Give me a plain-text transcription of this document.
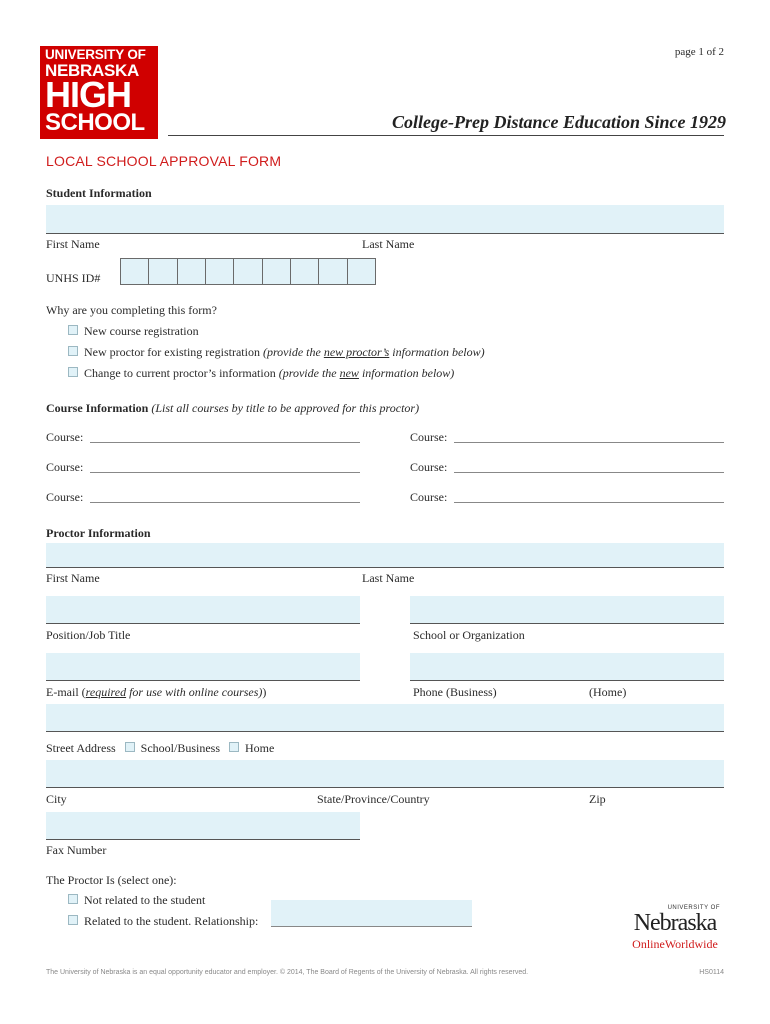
UNIVERSITY OF
NEBRASKA
HIGH
SCHOOL
page 1 of 2
College-Prep Distance Education Since 1929
LOCAL SCHOOL APPROVAL FORM
Student Information
First Name	Last Name
UNHS ID#
Why are you completing this form?
New course registration
New proctor for existing registration (provide the new proctor’s information below)
Change to current proctor’s information (provide the new information below)
Course Information (List all courses by title to be approved for this proctor)
Course:	Course:
Course:	Course:
Course:	Course:
Proctor Information
First Name	Last Name
Position/Job Title	School or Organization
E-mail (required for use with online courses))	Phone (Business)	(Home)
Street Address School/Business Home
City	State/Province/Country	Zip
Fax Number
The Proctor Is (select one):
Not related to the student
Related to the student. Relationship:
UNIVERSITY OF
Nebraska
OnlineWorldwide
The University of Nebraska is an equal opportunity educator and employer. © 2014, The Board of Regents of the University of Nebraska. All rights reserved.	HS0114
